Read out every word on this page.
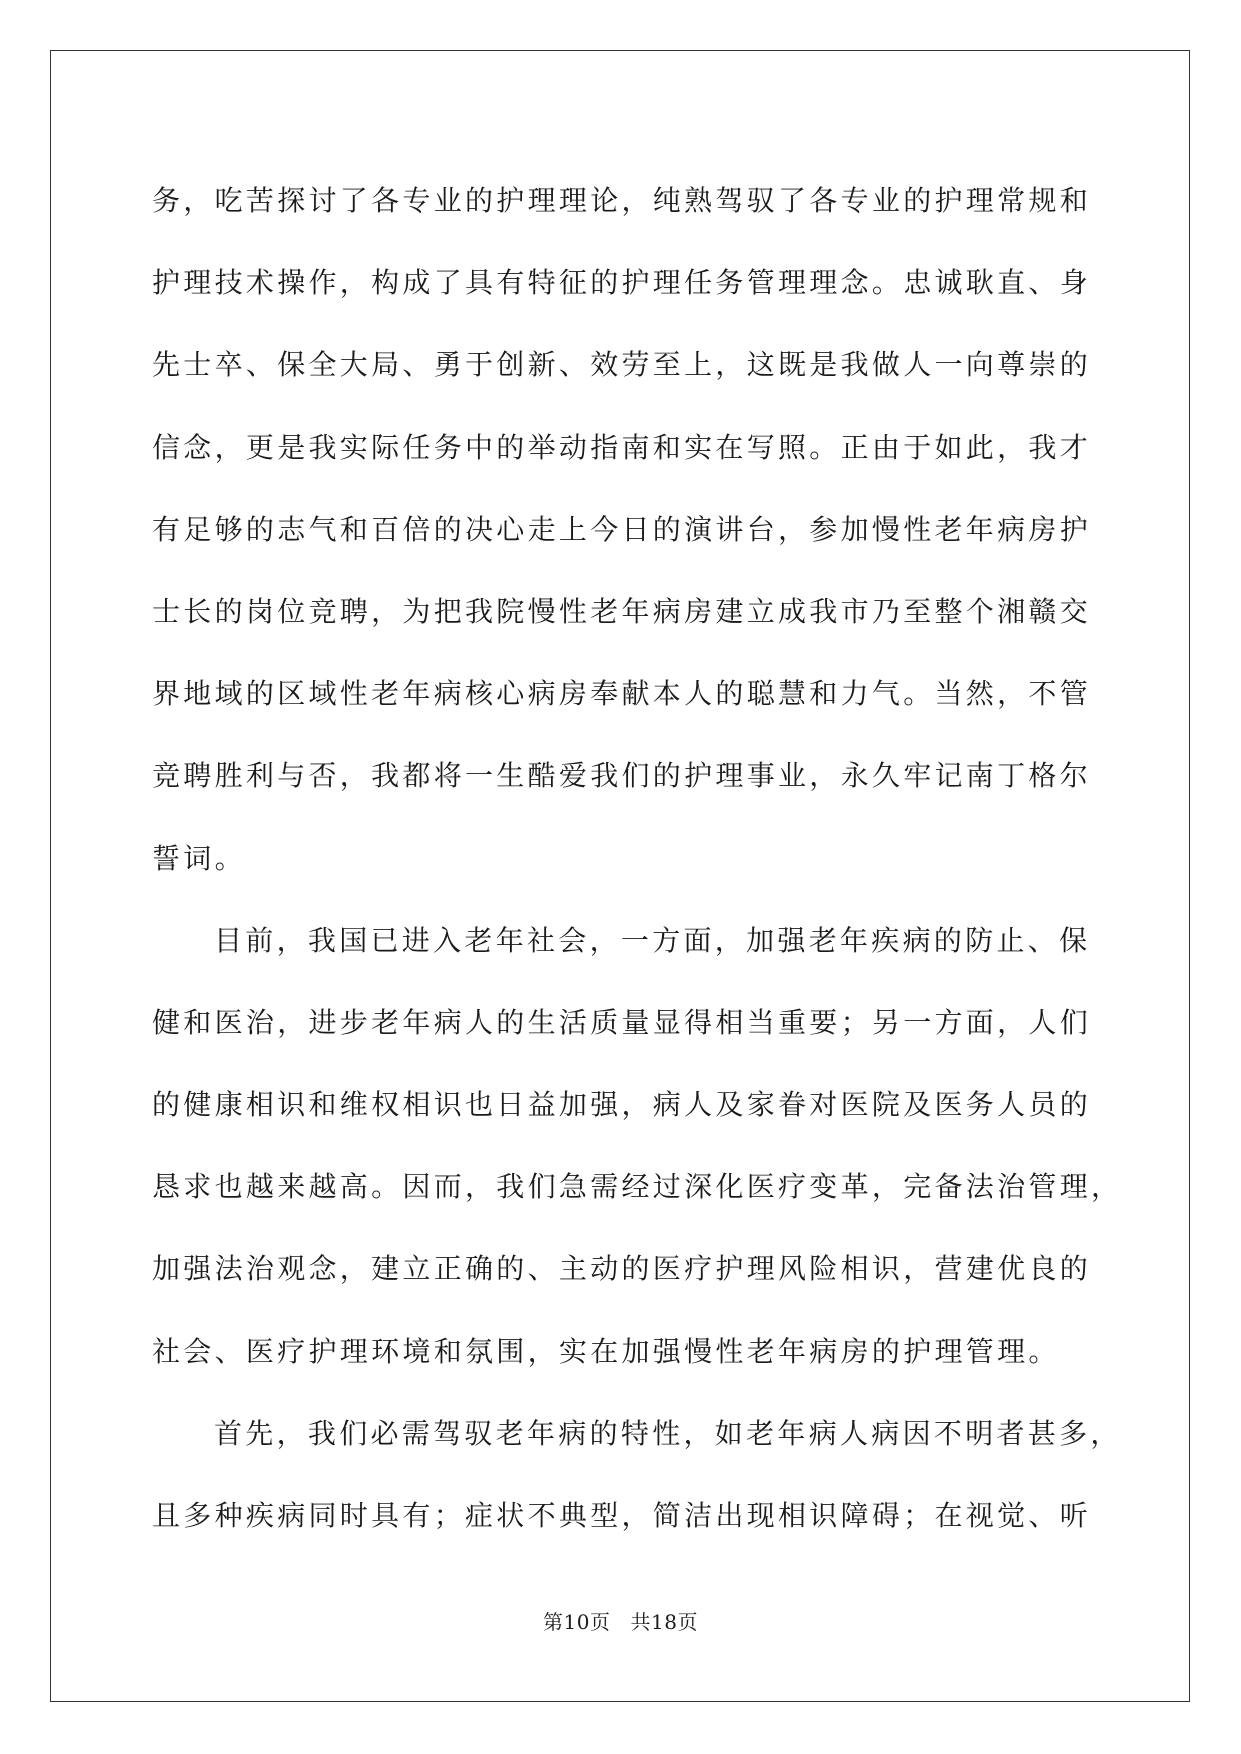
务，吃苦探讨了各专业的护理理论，纯熟驾驭了各专业的护理常规和
护理技术操作，构成了具有特征的护理任务管理理念。忠诚耿直、身
先士卒、保全大局、勇于创新、效劳至上，这既是我做人一向尊崇的
信念，更是我实际任务中的举动指南和实在写照。正由于如此，我才
有足够的志气和百倍的决心走上今日的演讲台，参加慢性老年病房护
士长的岗位竞聘，为把我院慢性老年病房建立成我市乃至整个湘赣交
界地域的区域性老年病核心病房奉献本人的聪慧和力气。当然，不管
竞聘胜利与否，我都将一生酷爱我们的护理事业，永久牢记南丁格尔
誓词。

目前，我国已进入老年社会，一方面，加强老年疾病的防止、保
健和医治，进步老年病人的生活质量显得相当重要；另一方面，人们
的健康相识和维权相识也日益加强，病人及家眷对医院及医务人员的
恳求也越来越高。因而，我们急需经过深化医疗变革，完备法治管理，
加强法治观念，建立正确的、主动的医疗护理风险相识，营建优良的
社会、医疗护理环境和氛围，实在加强慢性老年病房的护理管理。

首先，我们必需驾驭老年病的特性，如老年病人病因不明者甚多，
且多种疾病同时具有；症状不典型，简洁出现相识障碍；在视觉、听

第10页 共18页
